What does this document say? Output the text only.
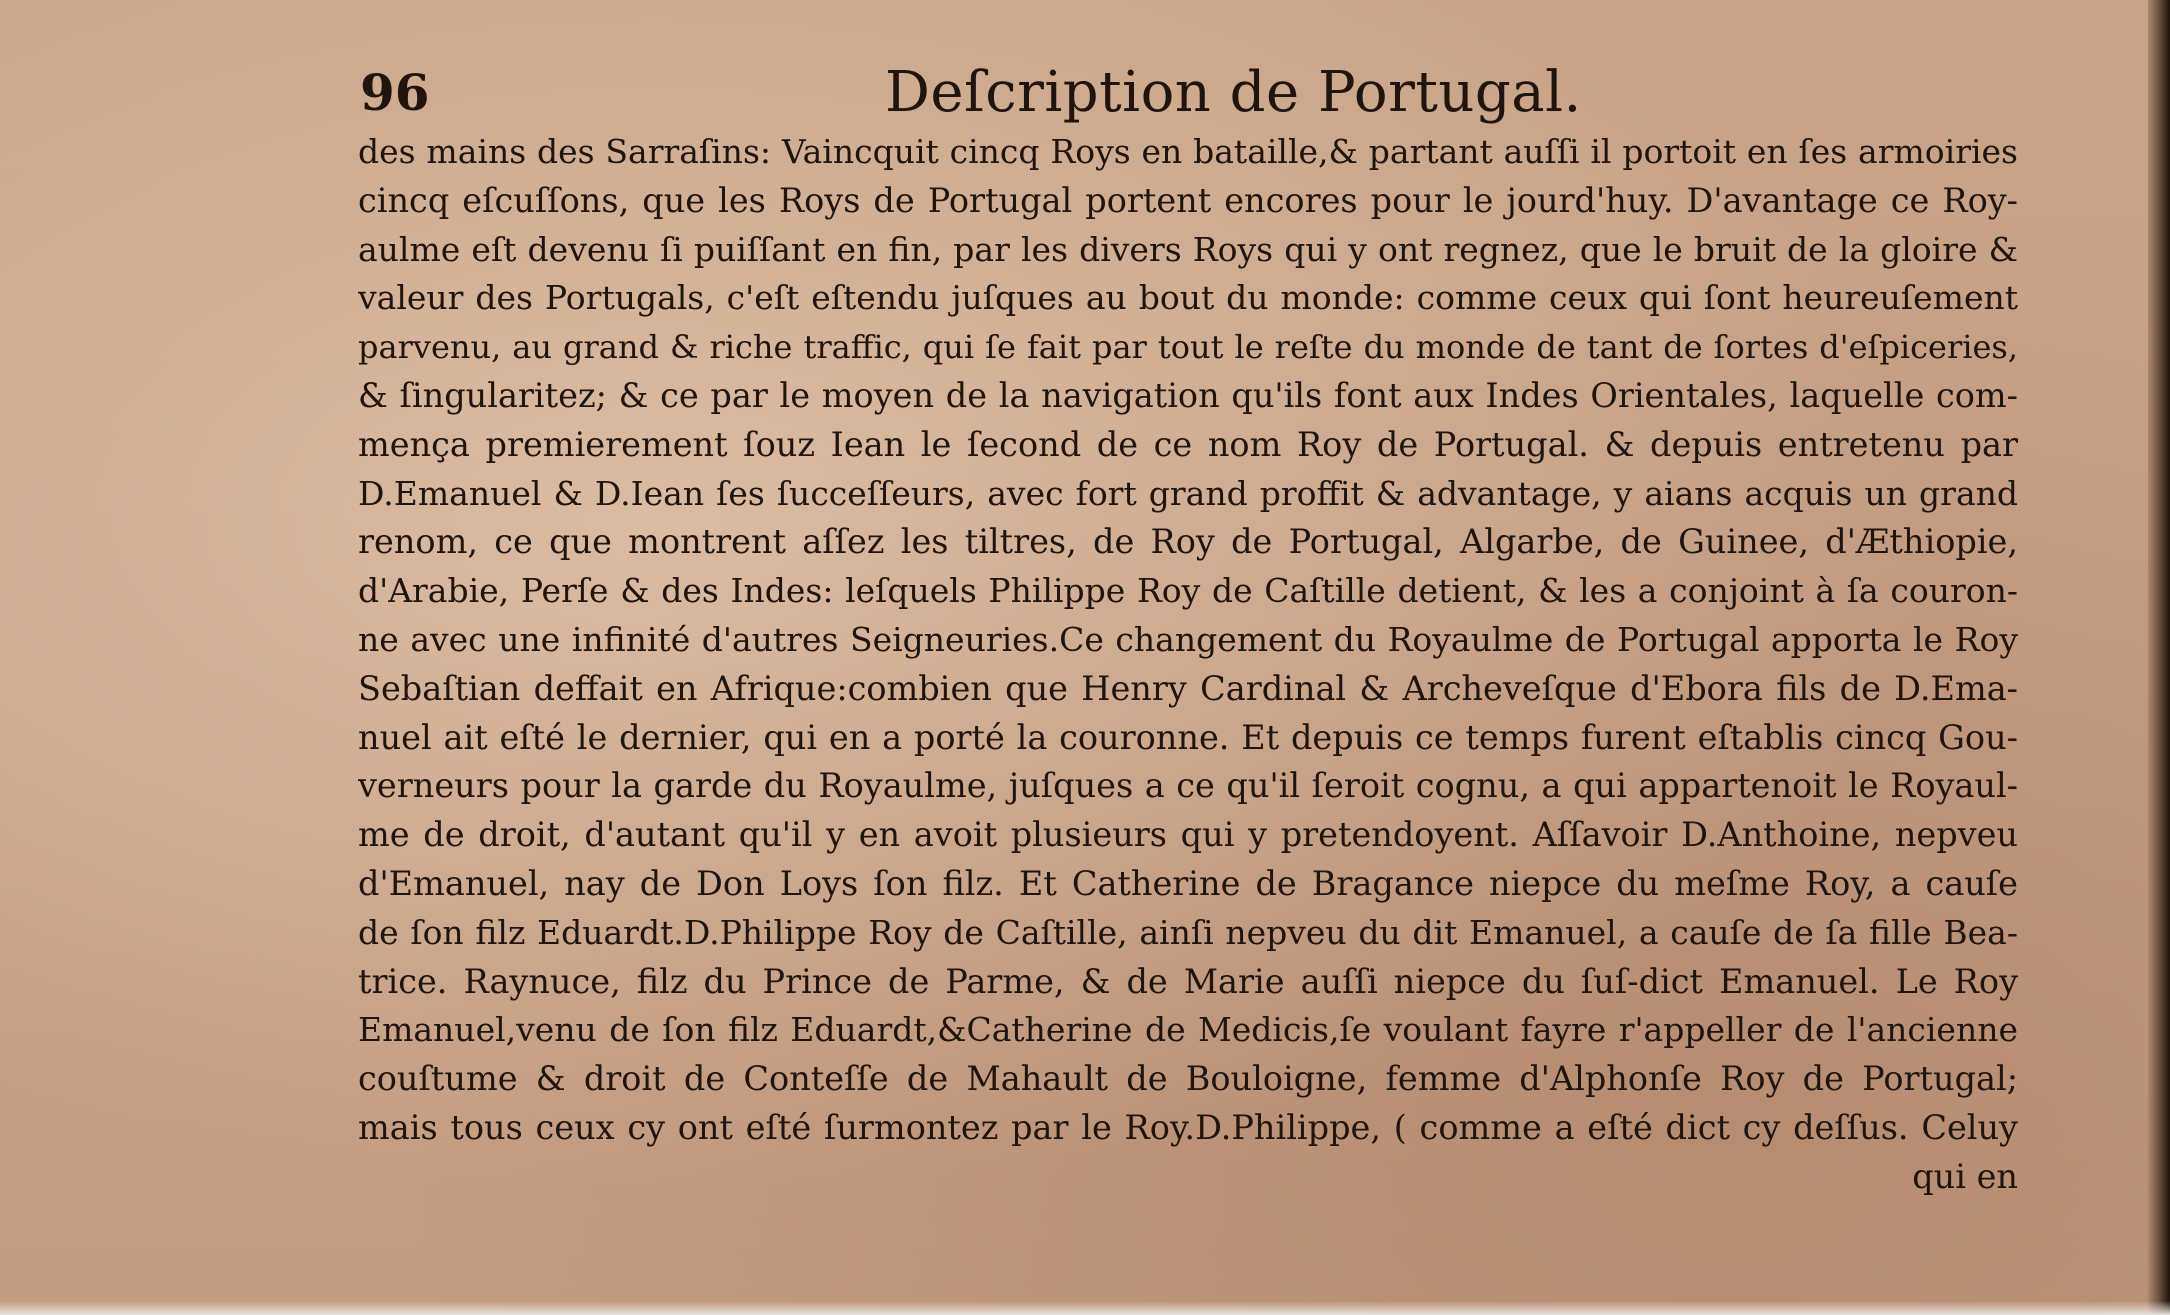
96	Deſcription de Portugal.
des mains des Sarraſins: Vaincquit cincq Roys en bataille,& partant auſſi il portoit en ſes armoiries
cincq eſcuſſons, que les Roys de Portugal portent encores pour le jourd'huy. D'avantage ce Roy-
aulme eſt devenu ſi puiſſant en fin, par les divers Roys qui y ont regnez, que le bruit de la gloire &
valeur des Portugals, c'eſt eſtendu juſques au bout du monde: comme ceux qui ſont heureuſement
parvenu, au grand & riche traffic, qui ſe fait par tout le reſte du monde de tant de ſortes d'eſpiceries,
& ſingularitez; & ce par le moyen de la navigation qu'ils font aux Indes Orientales, laquelle com-
mença premierement ſouz Iean le ſecond de ce nom Roy de Portugal. & depuis entretenu par
D.Emanuel & D.Iean ſes ſucceſſeurs, avec fort grand proffit & advantage, y aians acquis un grand
renom, ce que montrent aſſez les tiltres, de Roy de Portugal, Algarbe, de Guinee, d'Æthiopie,
d'Arabie, Perſe & des Indes: leſquels Philippe Roy de Caſtille detient, & les a conjoint à ſa couron-
ne avec une infinité d'autres Seigneuries.Ce changement du Royaulme de Portugal apporta le Roy
Sebaſtian deffait en Afrique:combien que Henry Cardinal & Archeveſque d'Ebora fils de D.Ema-
nuel ait eſté le dernier, qui en a porté la couronne. Et depuis ce temps furent eſtablis cincq Gou-
verneurs pour la garde du Royaulme, juſques a ce qu'il ſeroit cognu, a qui appartenoit le Royaul-
me de droit, d'autant qu'il y en avoit plusieurs qui y pretendoyent. Aſſavoir D.Anthoine, nepveu
d'Emanuel, nay de Don Loys ſon filz. Et Catherine de Bragance niepce du meſme Roy, a cauſe
de ſon filz Eduardt.D.Philippe Roy de Caſtille, ainſi nepveu du dit Emanuel, a cauſe de ſa fille Bea-
trice. Raynuce, filz du Prince de Parme, & de Marie auſſi niepce du ſuſ-dict Emanuel. Le Roy
Emanuel,venu de ſon filz Eduardt,&Catherine de Medicis,ſe voulant fayre r'appeller de l'ancienne
couſtume & droit de Conteſſe de Mahault de Bouloigne, femme d'Alphonſe Roy de Portugal;
mais tous ceux cy ont eſté ſurmontez par le Roy.D.Philippe, ( comme a eſté dict cy deſſus. Celuy
qui en
